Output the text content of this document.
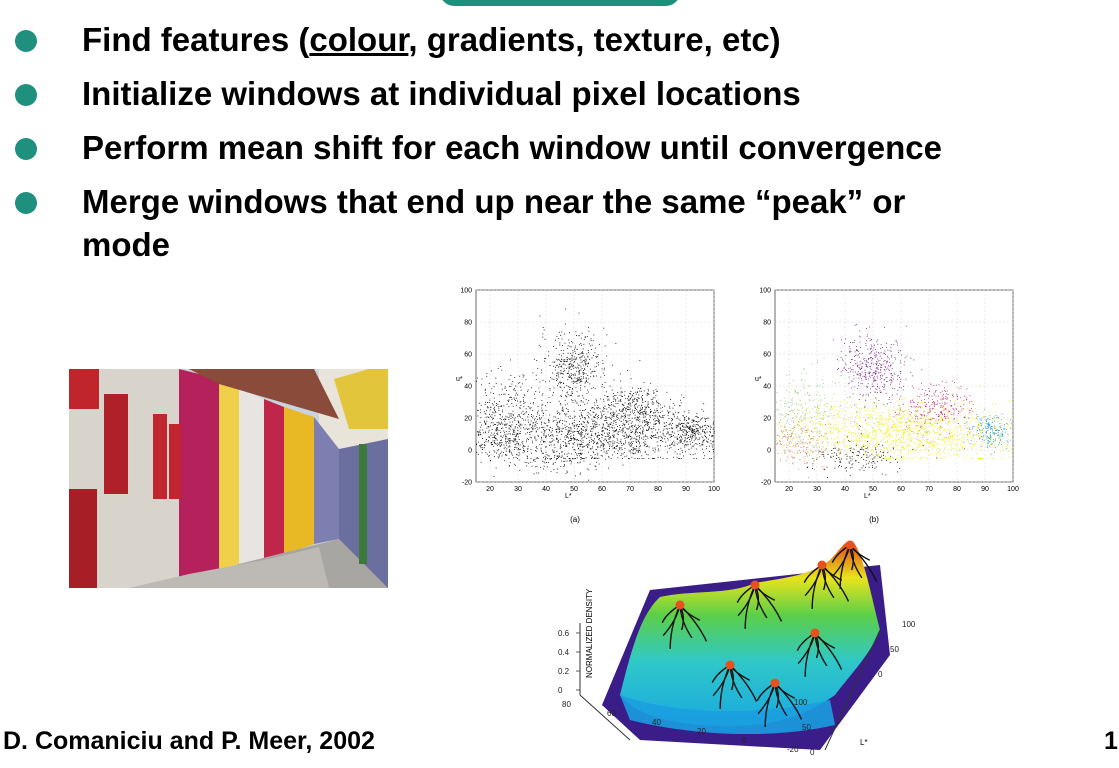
Find features (colour, gradients, texture, etc)
Initialize windows at individual pixel locations
Perform mean shift for each window until convergence
Merge windows that end up near the same “peak” or
mode
20	30	40	50	60	70	80	90	100
-20
0
20
40
60
80
100
L*
u*
(a)
20	30	40	50	60	70	80	90	100
-20
0
20
40
60
80
100
L*
u*
(b)
NORMALIZED DENSITY
0
0.2
0.4
0.6
80
60
40
20
0
-20 0
50
100
100
50
0
L*
D. Comaniciu and P. Meer, 2002	1
